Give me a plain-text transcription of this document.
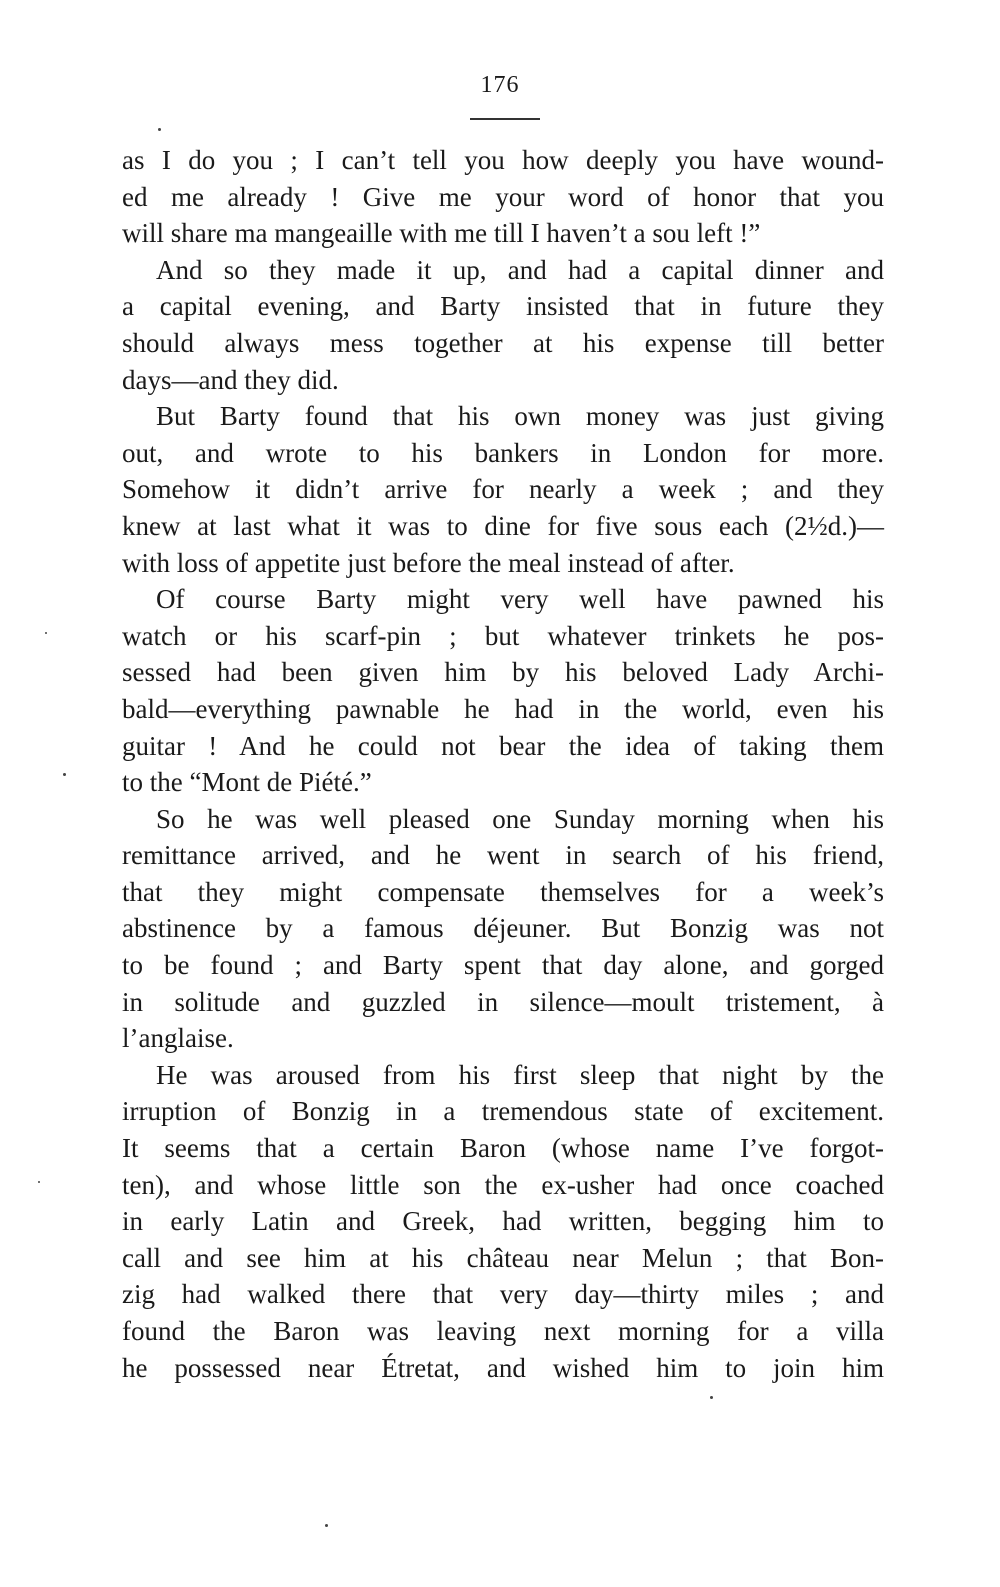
176
as I do you ; I can’t tell you how deeply you have wound-
ed me already ! Give me your word of honor that you
will share ma mangeaille with me till I haven’t a sou left !”
And so they made it up, and had a capital dinner and
a capital evening, and Barty insisted that in future they
should always mess together at his expense till better
days—and they did.
But Barty found that his own money was just giving
out, and wrote to his bankers in London for more.
Somehow it didn’t arrive for nearly a week ; and they
knew at last what it was to dine for five sous each (2½d.)—
with loss of appetite just before the meal instead of after.
Of course Barty might very well have pawned his
watch or his scarf-pin ; but whatever trinkets he pos-
sessed had been given him by his beloved Lady Archi-
bald—everything pawnable he had in the world, even his
guitar ! And he could not bear the idea of taking them
to the “Mont de Piété.”
So he was well pleased one Sunday morning when his
remittance arrived, and he went in search of his friend,
that they might compensate themselves for a week’s
abstinence by a famous déjeuner. But Bonzig was not
to be found ; and Barty spent that day alone, and gorged
in solitude and guzzled in silence—moult tristement, à
l’anglaise.
He was aroused from his first sleep that night by the
irruption of Bonzig in a tremendous state of excitement.
It seems that a certain Baron (whose name I’ve forgot-
ten), and whose little son the ex-usher had once coached
in early Latin and Greek, had written, begging him to
call and see him at his château near Melun ; that Bon-
zig had walked there that very day—thirty miles ; and
found the Baron was leaving next morning for a villa
he possessed near Étretat, and wished him to join him
